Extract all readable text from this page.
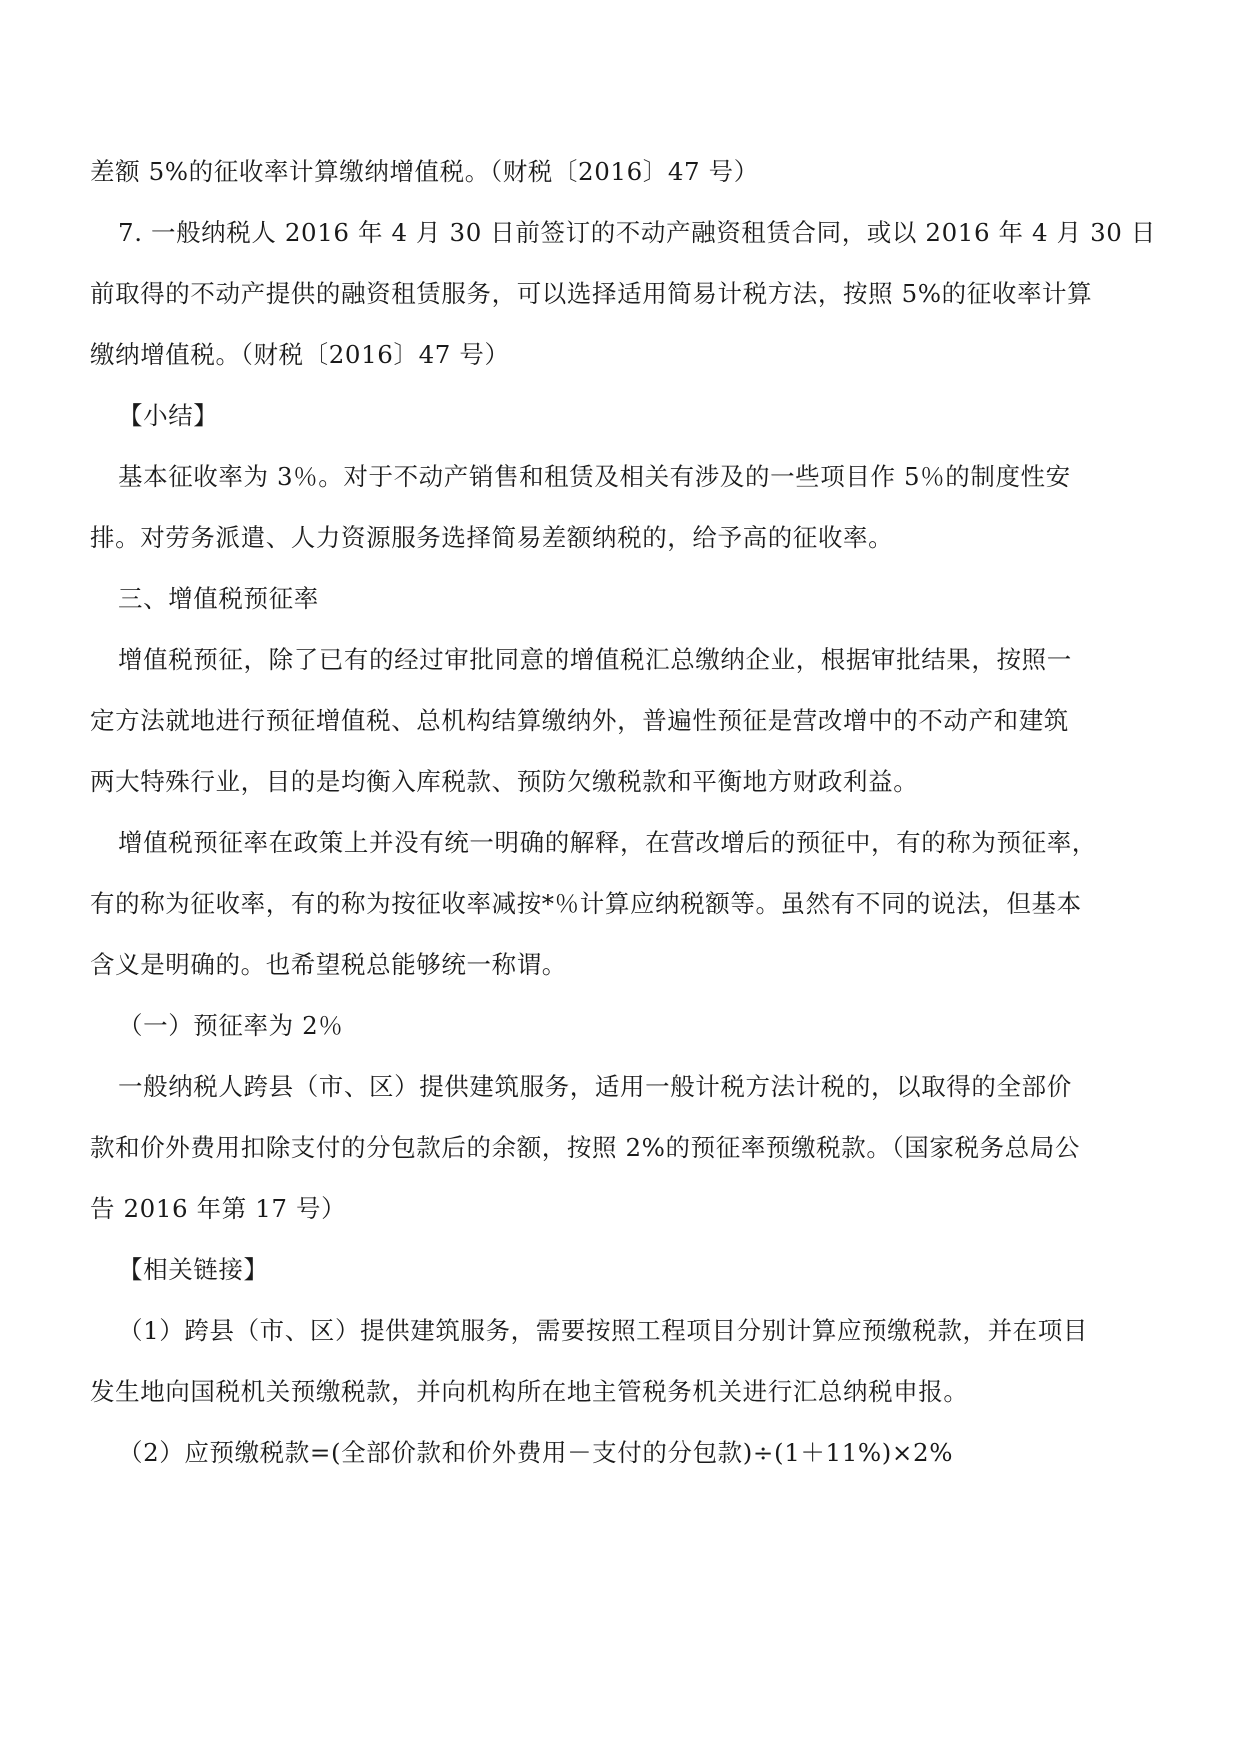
差额 5%的征收率计算缴纳增值税。（财税〔2016〕47 号）
7. 一般纳税人 2016 年 4 月 30 日前签订的不动产融资租赁合同，或以 2016 年 4 月 30 日
前取得的不动产提供的融资租赁服务，可以选择适用简易计税方法，按照 5%的征收率计算
缴纳增值税。（财税〔2016〕47 号）
【小结】
基本征收率为 3％。对于不动产销售和租赁及相关有涉及的一些项目作 5％的制度性安
排。对劳务派遣、人力资源服务选择简易差额纳税的，给予高的征收率。
三、增值税预征率
增值税预征，除了已有的经过审批同意的增值税汇总缴纳企业，根据审批结果，按照一
定方法就地进行预征增值税、总机构结算缴纳外，普遍性预征是营改增中的不动产和建筑
两大特殊行业，目的是均衡入库税款、预防欠缴税款和平衡地方财政利益。
增值税预征率在政策上并没有统一明确的解释，在营改增后的预征中，有的称为预征率，
有的称为征收率，有的称为按征收率减按*％计算应纳税额等。虽然有不同的说法，但基本
含义是明确的。也希望税总能够统一称谓。
（一）预征率为 2％
一般纳税人跨县（市、区）提供建筑服务，适用一般计税方法计税的，以取得的全部价
款和价外费用扣除支付的分包款后的余额，按照 2%的预征率预缴税款。（国家税务总局公
告 2016 年第 17 号）
【相关链接】
（1）跨县（市、区）提供建筑服务，需要按照工程项目分别计算应预缴税款，并在项目
发生地向国税机关预缴税款，并向机构所在地主管税务机关进行汇总纳税申报。
（2）应预缴税款=(全部价款和价外费用－支付的分包款)÷(1＋11%)×2%
